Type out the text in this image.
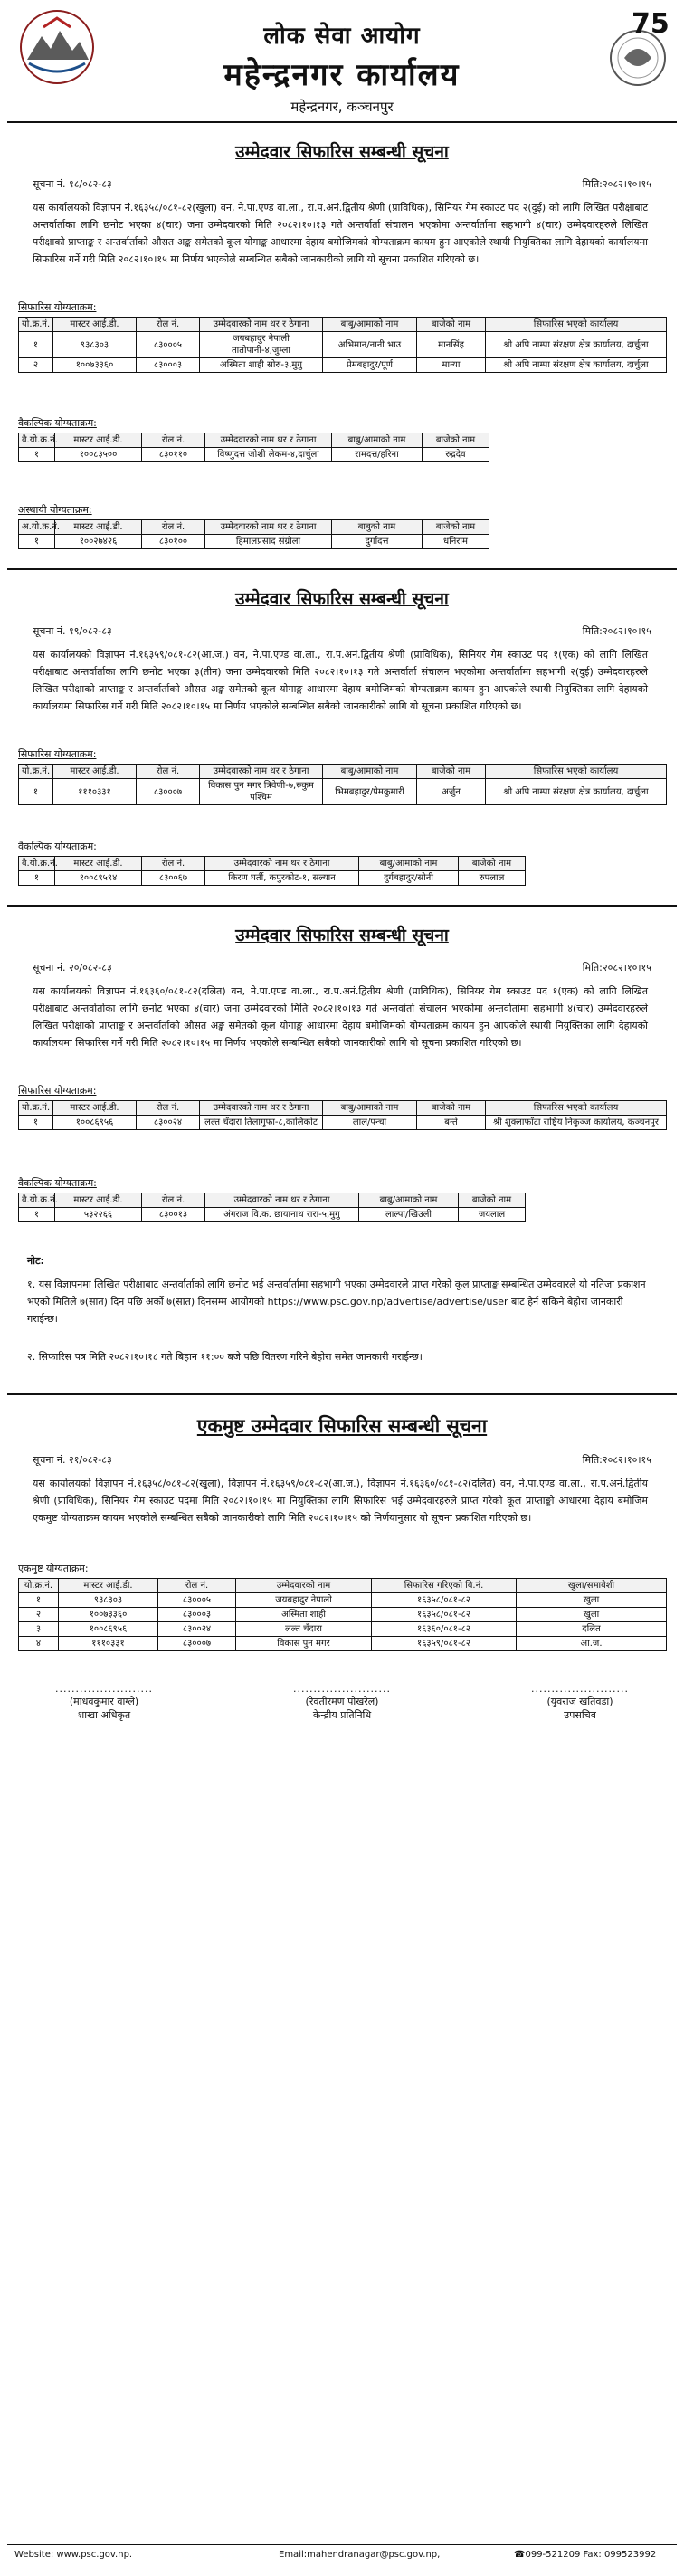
लोक सेवा आयोग
महेन्द्रनगर कार्यालय
महेन्द्रनगर, कञ्चनपुर
75
उम्मेदवार सिफारिस सम्बन्धी सूचना
सूचना नं. १८/०८२-८३	मिति:२०८२।१०।१५

यस कार्यालयको विज्ञापन नं.१६३५८/०८१-८२(खुला) वन, ने.पा.एण्ड वा.ला., रा.प.अनं.द्वितीय श्रेणी (प्राविधिक), सिनियर गेम स्काउट पद २(दुई) को लागि लिखित परीक्षाबाट अन्तर्वार्ताका लागि छनोट भएका ४(चार) जना उम्मेदवारको मिति २०८२।१०।१३ गते अन्तर्वार्ता संचालन भएकोमा अन्तर्वार्तामा सहभागी ४(चार) उम्मेदवारहरुले लिखित परीक्षाको प्राप्ताङ्क र अन्तर्वार्ताको औसत अङ्क समेतको कूल योगाङ्क आधारमा देहाय बमोजिमको योग्यताक्रम कायम हुन आएकोले स्थायी नियुक्तिका लागि देहायको कार्यालयमा सिफारिस गर्ने गरी मिति २०८२।१०।१५ मा निर्णय भएकोले सम्बन्धित सबैको जानकारीको लागि यो सूचना प्रकाशित गरिएको छ।

सिफारिस योग्यताक्रम:
यो.क्र.नं.	मास्टर आई.डी.	रोल नं.	उम्मेदवारको नाम थर र ठेगाना	बाबु/आमाको नाम	बाजेको नाम	सिफारिस भएको कार्यालय
१	९३८३०३	८३०००५	जयबहादुर नेपाली तातोपानी-४,जुम्ला	अभिमान/नानी भाउ	मानसिंह	श्री अपि नाम्पा संरक्षण क्षेत्र कार्यालय, दार्चुला
२	१००७३३६०	८३०००३	अस्मिता शाही सोरु-३,मुगु	प्रेमबहादुर/पूर्ण	मान्या	श्री अपि नाम्पा संरक्षण क्षेत्र कार्यालय, दार्चुला
वैकल्पिक योग्यताक्रम:
वै.यो.क्र.नं.	मास्टर आई.डी.	रोल नं.	उम्मेदवारको नाम थर र ठेगाना	बाबु/आमाको नाम	बाजेको नाम
१	१००८३५००	८३०११०	विष्णुदत्त जोशी लेकम-४,दार्चुला	रामदत्त/हरिना	रुद्रदेव
अस्थायी योग्यताक्रम:
अ.यो.क्र.नं.	मास्टर आई.डी.	रोल नं.	उम्मेदवारको नाम थर र ठेगाना	बाबुको नाम	बाजेको नाम
१	१००२७४२६	८३०१००	हिमालप्रसाद संग्रौला	दुर्गादत्त	धनिराम
उम्मेदवार सिफारिस सम्बन्धी सूचना
सूचना नं. १९/०८२-८३	मिति:२०८२।१०।१५

यस कार्यालयको विज्ञापन नं.१६३५९/०८१-८२(आ.ज.) वन, ने.पा.एण्ड वा.ला., रा.प.अनं.द्वितीय श्रेणी (प्राविधिक), सिनियर गेम स्काउट पद १(एक) को लागि लिखित परीक्षाबाट अन्तर्वार्ताका लागि छनोट भएका ३(तीन) जना उम्मेदवारको मिति २०८२।१०।१३ गते अन्तर्वार्ता संचालन भएकोमा अन्तर्वार्तामा सहभागी २(दुई) उम्मेदवारहरुले लिखित परीक्षाको प्राप्ताङ्क र अन्तर्वार्ताको औसत अङ्क समेतको कूल योगाङ्क आधारमा देहाय बमोजिमको योग्यताक्रम कायम हुन आएकोले स्थायी नियुक्तिका लागि देहायको कार्यालयमा सिफारिस गर्ने गरी मिति २०८२।१०।१५ मा निर्णय भएकोले सम्बन्धित सबैको जानकारीको लागि यो सूचना प्रकाशित गरिएको छ।

सिफारिस योग्यताक्रम:
यो.क्र.नं.	मास्टर आई.डी.	रोल नं.	उम्मेदवारको नाम थर र ठेगाना	बाबु/आमाको नाम	बाजेको नाम	सिफारिस भएको कार्यालय
१	१११०३३१	८३०००७	विकास पुन मगर त्रिवेणी-७,रुकुम पश्चिम	भिमबहादुर/प्रेमकुमारी	अर्जुन	श्री अपि नाम्पा संरक्षण क्षेत्र कार्यालय, दार्चुला
वैकल्पिक योग्यताक्रम:
वै.यो.क्र.नं.	मास्टर आई.डी.	रोल नं.	उम्मेदवारको नाम थर र ठेगाना	बाबु/आमाको नाम	बाजेको नाम
१	१००८९५९४	८३००६७	किरण घर्ती, कपुरकोट-१, सल्यान	दुर्गबहादुर/सोनी	रुपलाल
उम्मेदवार सिफारिस सम्बन्धी सूचना
सूचना नं. २०/०८२-८३	मिति:२०८२।१०।१५

यस कार्यालयको विज्ञापन नं.१६३६०/०८१-८२(दलित) वन, ने.पा.एण्ड वा.ला., रा.प.अनं.द्वितीय श्रेणी (प्राविधिक), सिनियर गेम स्काउट पद १(एक) को लागि लिखित परीक्षाबाट अन्तर्वार्ताका लागि छनोट भएका ४(चार) जना उम्मेदवारको मिति २०८२।१०।१३ गते अन्तर्वार्ता संचालन भएकोमा अन्तर्वार्तामा सहभागी ४(चार) उम्मेदवारहरुले लिखित परीक्षाको प्राप्ताङ्क र अन्तर्वार्ताको औसत अङ्क समेतको कूल योगाङ्क आधारमा देहाय बमोजिमको योग्यताक्रम कायम हुन आएकोले स्थायी नियुक्तिका लागि देहायको कार्यालयमा सिफारिस गर्ने गरी मिति २०८२।१०।१५ मा निर्णय भएकोले सम्बन्धित सबैको जानकारीको लागि यो सूचना प्रकाशित गरिएको छ।

सिफारिस योग्यताक्रम:
यो.क्र.नं.	मास्टर आई.डी.	रोल नं.	उम्मेदवारको नाम थर र ठेगाना	बाबु/आमाको नाम	बाजेको नाम	सिफारिस भएको कार्यालय
१	१००८६९५६	८३००२४	लल्त चँदारा तिलागुफा-८,कालिकोट	लाल/पन्चा	बन्ते	श्री शुक्लाफाँटा राष्ट्रिय निकुञ्ज कार्यालय, कञ्चनपुर
वैकल्पिक योग्यताक्रम:
वै.यो.क्र.नं.	मास्टर आई.डी.	रोल नं.	उम्मेदवारको नाम थर र ठेगाना	बाबु/आमाको नाम	बाजेको नाम
१	५३२२६६	८३००१३	अंगराज वि.क. छायानाथ रारा-५,मुगु	लाल्पा/खिउली	जयलाल
नोट:

१. यस विज्ञापनमा लिखित परीक्षाबाट अन्तर्वार्ताको लागि छनोट भई अन्तर्वार्तामा सहभागी भएका उम्मेदवारले प्राप्त गरेको कूल प्राप्ताङ्क सम्बन्धित उम्मेदवारले यो नतिजा प्रकाशन भएको मितिले ७(सात) दिन पछि अर्को ७(सात) दिनसम्म आयोगको https://www.psc.gov.np/advertise/advertise/user बाट हेर्न सकिने बेहोरा जानकारी गराईन्छ।

२. सिफारिस पत्र मिति २०८२।१०।१८ गते बिहान ११:०० बजे पछि वितरण गरिने बेहोरा समेत जानकारी गराईन्छ।

एकमुष्ट उम्मेदवार सिफारिस सम्बन्धी सूचना
सूचना नं. २१/०८२-८३	मिति:२०८२।१०।१५

यस कार्यालयको विज्ञापन नं.१६३५८/०८१-८२(खुला), विज्ञापन नं.१६३५९/०८१-८२(आ.ज.), विज्ञापन नं.१६३६०/०८१-८२(दलित) वन, ने.पा.एण्ड वा.ला., रा.प.अनं.द्वितीय श्रेणी (प्राविधिक), सिनियर गेम स्काउट पदमा मिति २०८२।१०।१५ मा नियुक्तिका लागि सिफारिस भई उम्मेदवारहरुले प्राप्त गरेको कूल प्राप्ताङ्को आधारमा देहाय बमोजिम एकमुष्ट योग्यताक्रम कायम भएकोले सम्बन्धित सबैको जानकारीको लागि मिति २०८२।१०।१५ को निर्णयानुसार यो सूचना प्रकाशित गरिएको छ।

एकमुष्ट योग्यताक्रम:
यो.क्र.नं.	मास्टर आई.डी.	रोल नं.	उम्मेदवारको नाम	सिफारिस गरिएको वि.नं.	खुला/समावेशी
१	९३८३०३	८३०००५	जयबहादुर नेपाली	१६३५८/०८१-८२	खुला
२	१००७३३६०	८३०००३	अस्मिता शाही	१६३५८/०८१-८२	खुला
३	१००८६९५६	८३००२४	लल्त चँदारा	१६३६०/०८१-८२	दलित
४	१११०३३१	८३०००७	विकास पुन मगर	१६३५९/०८१-८२	आ.ज.
........................
(माधवकुमार वाग्ले)
शाखा अधिकृत
........................
(रेवतीरमण पोखरेल)
केन्द्रीय प्रतिनिधि
........................
(युवराज खतिवडा)
उपसचिव
Website: www.psc.gov.np.	Email:mahendranagar@psc.gov.np,	☎099-521209 Fax: 099523992
